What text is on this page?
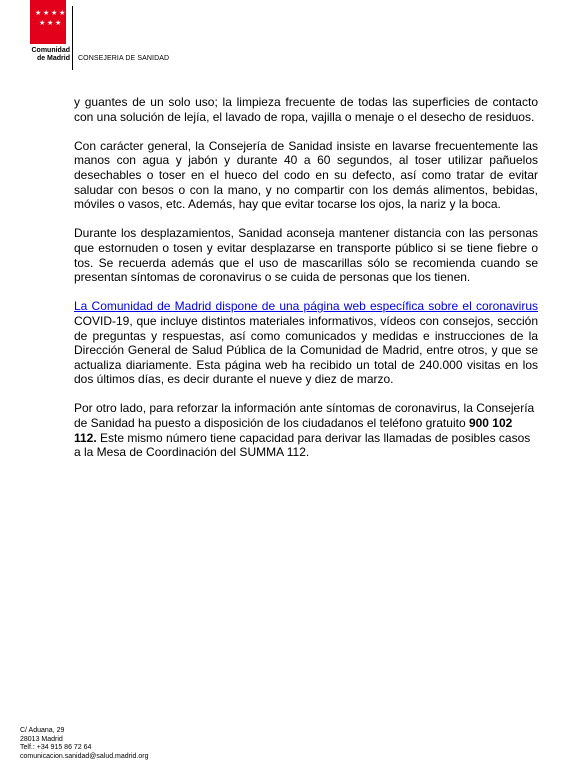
★ ★ ★ ★
★ ★ ★
Comunidad
de Madrid CONSEJERÍA DE SANIDAD

y guantes de un solo uso; la limpieza frecuente de todas las superficies de contacto con una solución de lejía, el lavado de ropa, vajilla o menaje o el desecho de residuos.

Con carácter general, la Consejería de Sanidad insiste en lavarse frecuentemente las manos con agua y jabón y durante 40 a 60 segundos, al toser utilizar pañuelos desechables o toser en el hueco del codo en su defecto, así como tratar de evitar saludar con besos o con la mano, y no compartir con los demás alimentos, bebidas, móviles o vasos, etc. Además, hay que evitar tocarse los ojos, la nariz y la boca.

Durante los desplazamientos, Sanidad aconseja mantener distancia con las personas que estornuden o tosen y evitar desplazarse en transporte público si se tiene fiebre o tos. Se recuerda además que el uso de mascarillas sólo se recomienda cuando se presentan síntomas de coronavirus o se cuida de personas que los tienen.

La Comunidad de Madrid dispone de una página web específica sobre el coronavirus COVID-19, que incluye distintos materiales informativos, vídeos con consejos, sección de preguntas y respuestas, así como comunicados y medidas e instrucciones de la Dirección General de Salud Pública de la Comunidad de Madrid, entre otros, y que se actualiza diariamente. Esta página web ha recibido un total de 240.000 visitas en los dos últimos días, es decir durante el nueve y diez de marzo.

Por otro lado, para reforzar la información ante síntomas de coronavirus, la Consejería de Sanidad ha puesto a disposición de los ciudadanos el teléfono gratuito 900 102 112. Este mismo número tiene capacidad para derivar las llamadas de posibles casos a la Mesa de Coordinación del SUMMA 112.

C/ Aduana, 29
28013 Madrid
Telf.: +34 915 86 72 64
comunicacion.sanidad@salud.madrid.org
